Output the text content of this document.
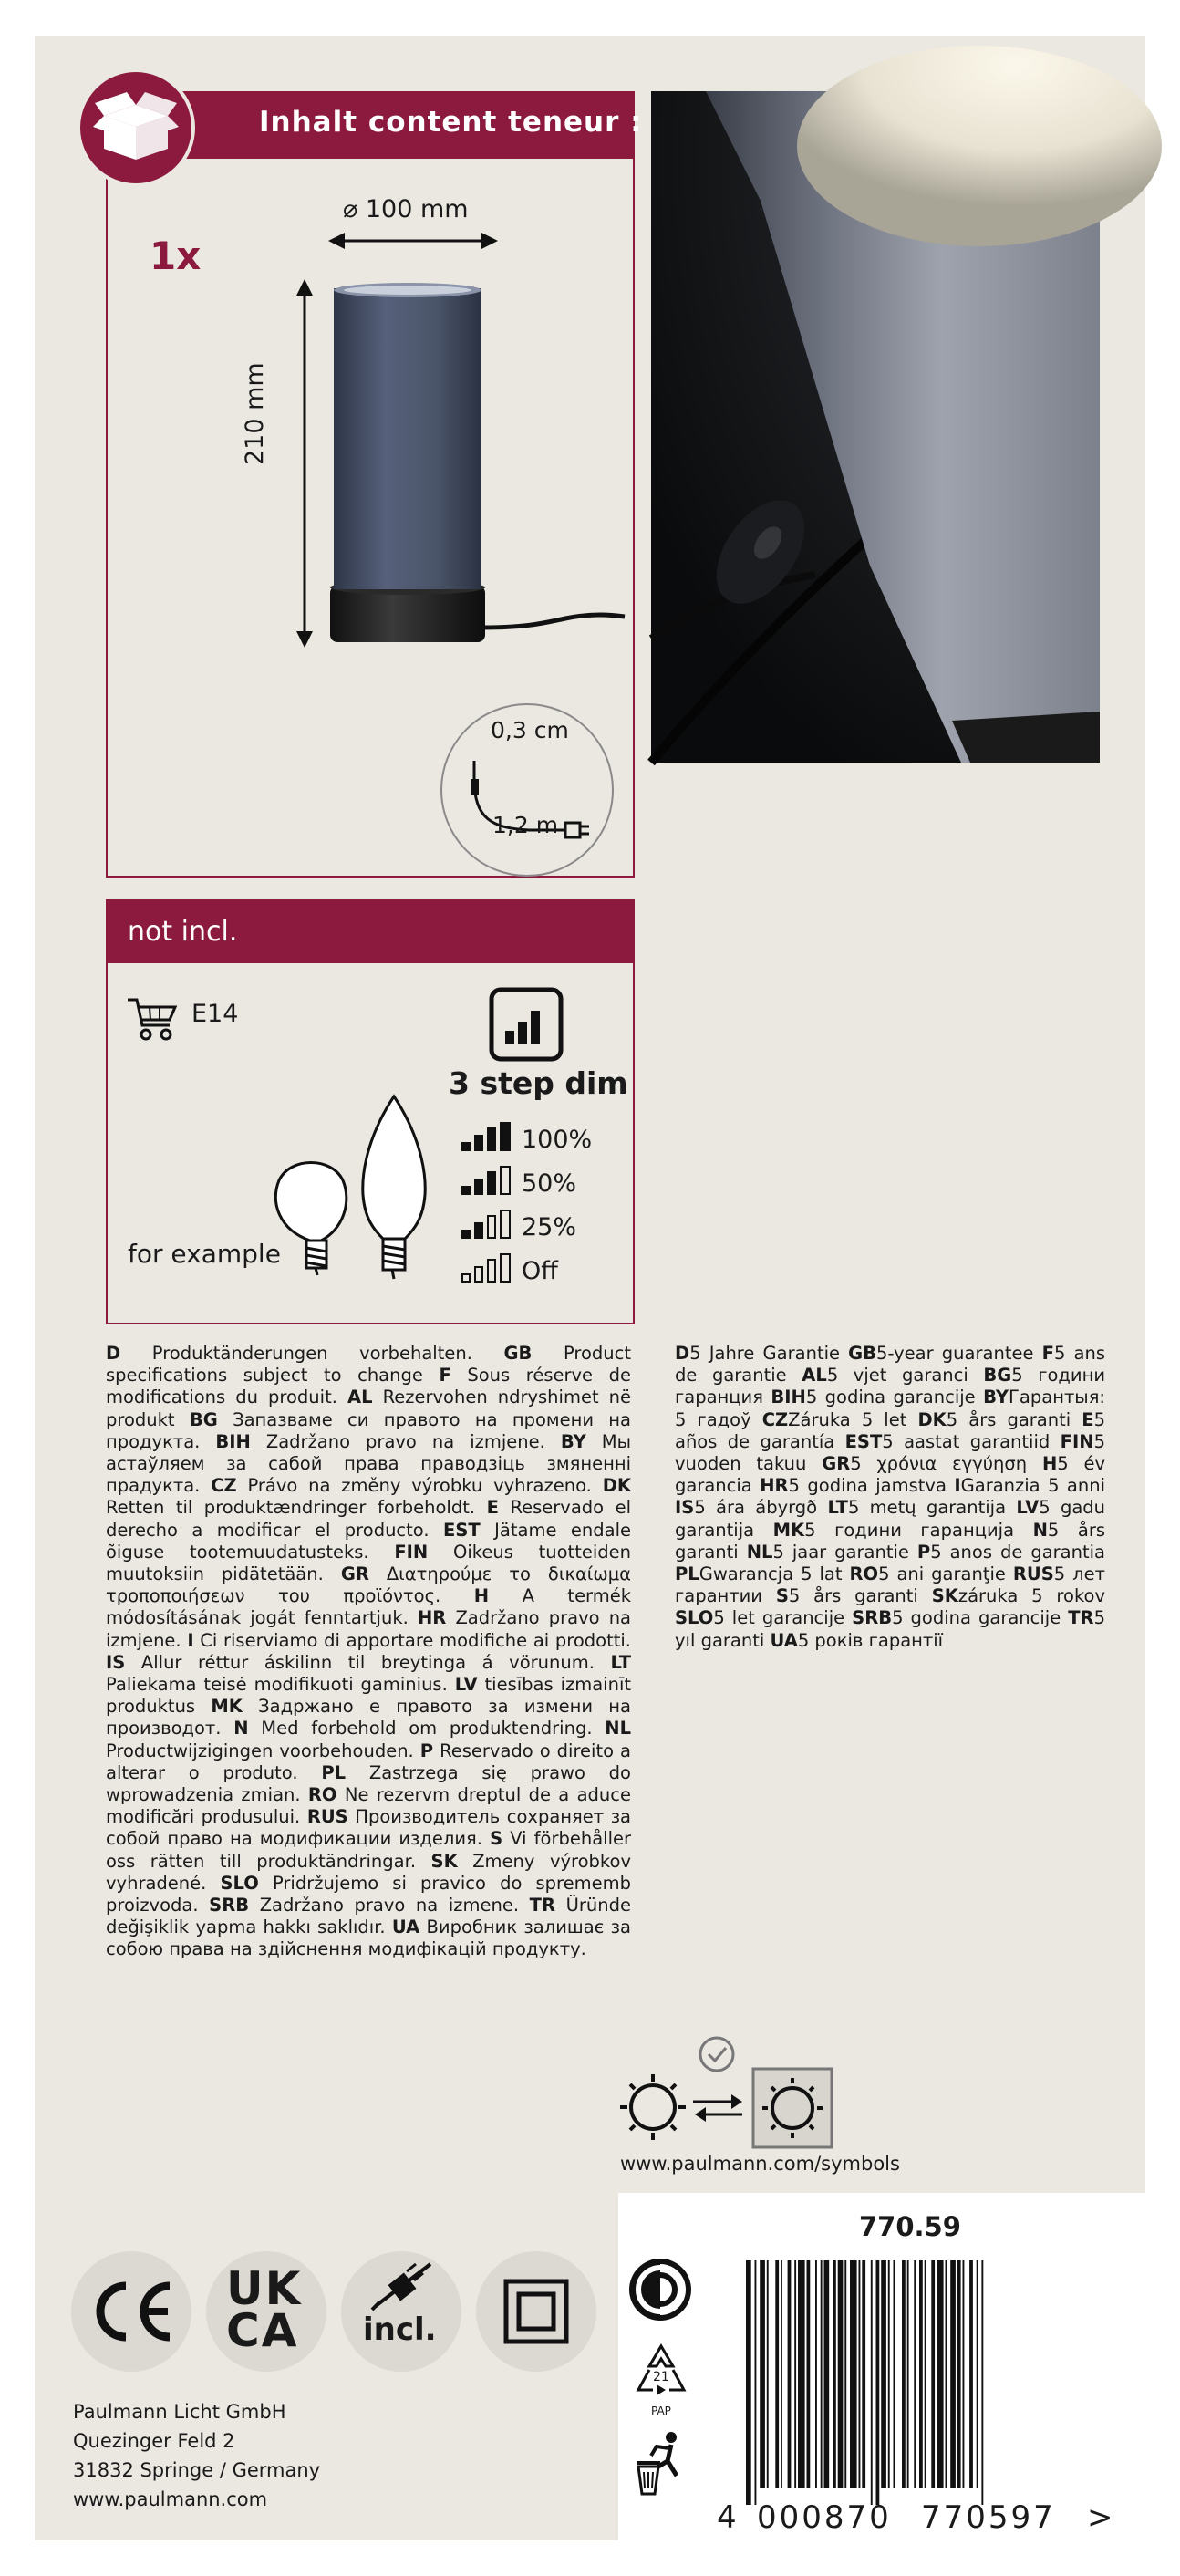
Inhalt content teneur :
1x
⌀ 100 mm
210 mm
0,3 cm
1,2 m
not incl.
E14
3 step dim
100%
50%
25%
Off
for example

D Produktänderungen vorbehalten. GB Product specifications subject to change F Sous réserve de modifications du produit. AL Rezervohen ndryshimet në produkt BG Запазваме си правото на промени на продукта. BIH Zadržano pravo na izmjene. BY Мы астаўляем за сабой права праводзіць змяненні прадукта. CZ Právo na změny výrobku vyhrazeno. DK Retten til produktændringer forbeholdt. E Reservado el derecho a modificar el producto. EST Jätame endale õiguse tootemuudatusteks. FIN Oikeus tuotteiden muutoksiin pidätetään. GR Διατηρούμε το δικαίωμα τροποποιήσεων του προϊόντος. H A termék módosításának jogát fenntartjuk. HR Zadržano pravo na izmjene. I Ci riserviamo di apportare modifiche ai prodotti. IS Allur réttur áskilinn til breytinga á vörunum. LT Paliekama teisė modifikuoti gaminius. LV tiesības izmainīt produktus MK Задржано е правото за измени на производот. N Med forbehold om produktendring. NL Productwijzigingen voorbehouden. P Reservado o direito a alterar o produto. PL Zastrzega się prawo do wprowadzenia zmian. RO Ne rezervm dreptul de a aduce modificări produsului. RUS Производитель сохраняет за собой право на модификации изделия. S Vi förbehåller oss rätten till produktändringar. SK Zmeny výrobkov vyhradené. SLO Pridržujemo si pravico do sprememb proizvoda. SRB Zadržano pravo na izmene. TR Üründe değişiklik yapma hakkı saklıdır. UA Виробник залишає за собою права на здійснення модифікацій продукту.

D5 Jahre Garantie GB5-year guarantee F5 ans de garantie AL5 vjet garanci BG5 години гаранция BIH5 godina garancije BYГарантыя: 5 гадоў CZZáruka 5 let DK5 års garanti E5 años de garantía EST5 aastat garantiid FIN5 vuoden takuu GR5 χρόνια εγγύηση H5 év garancia HR5 godina jamstva IGaranzia 5 anni IS5 ára ábyrgð LT5 metų garantija LV5 gadu garantija MK5 години гаранција N5 års garanti NL5 jaar garantie P5 anos de garantia PLGwarancja 5 lat RO5 ani garanţie RUS5 лет гарантии S5 års garanti SKzáruka 5 rokov SLO5 let garancije SRB5 godina garancije TR5 yıl garanti UA5 років гарантії

www.paulmann.com/symbols
770.59
4 000870 770597 >
21
PAP
UK
CA incl.
Paulmann Licht GmbH
Quezinger Feld 2
31832 Springe / Germany
www.paulmann.com
